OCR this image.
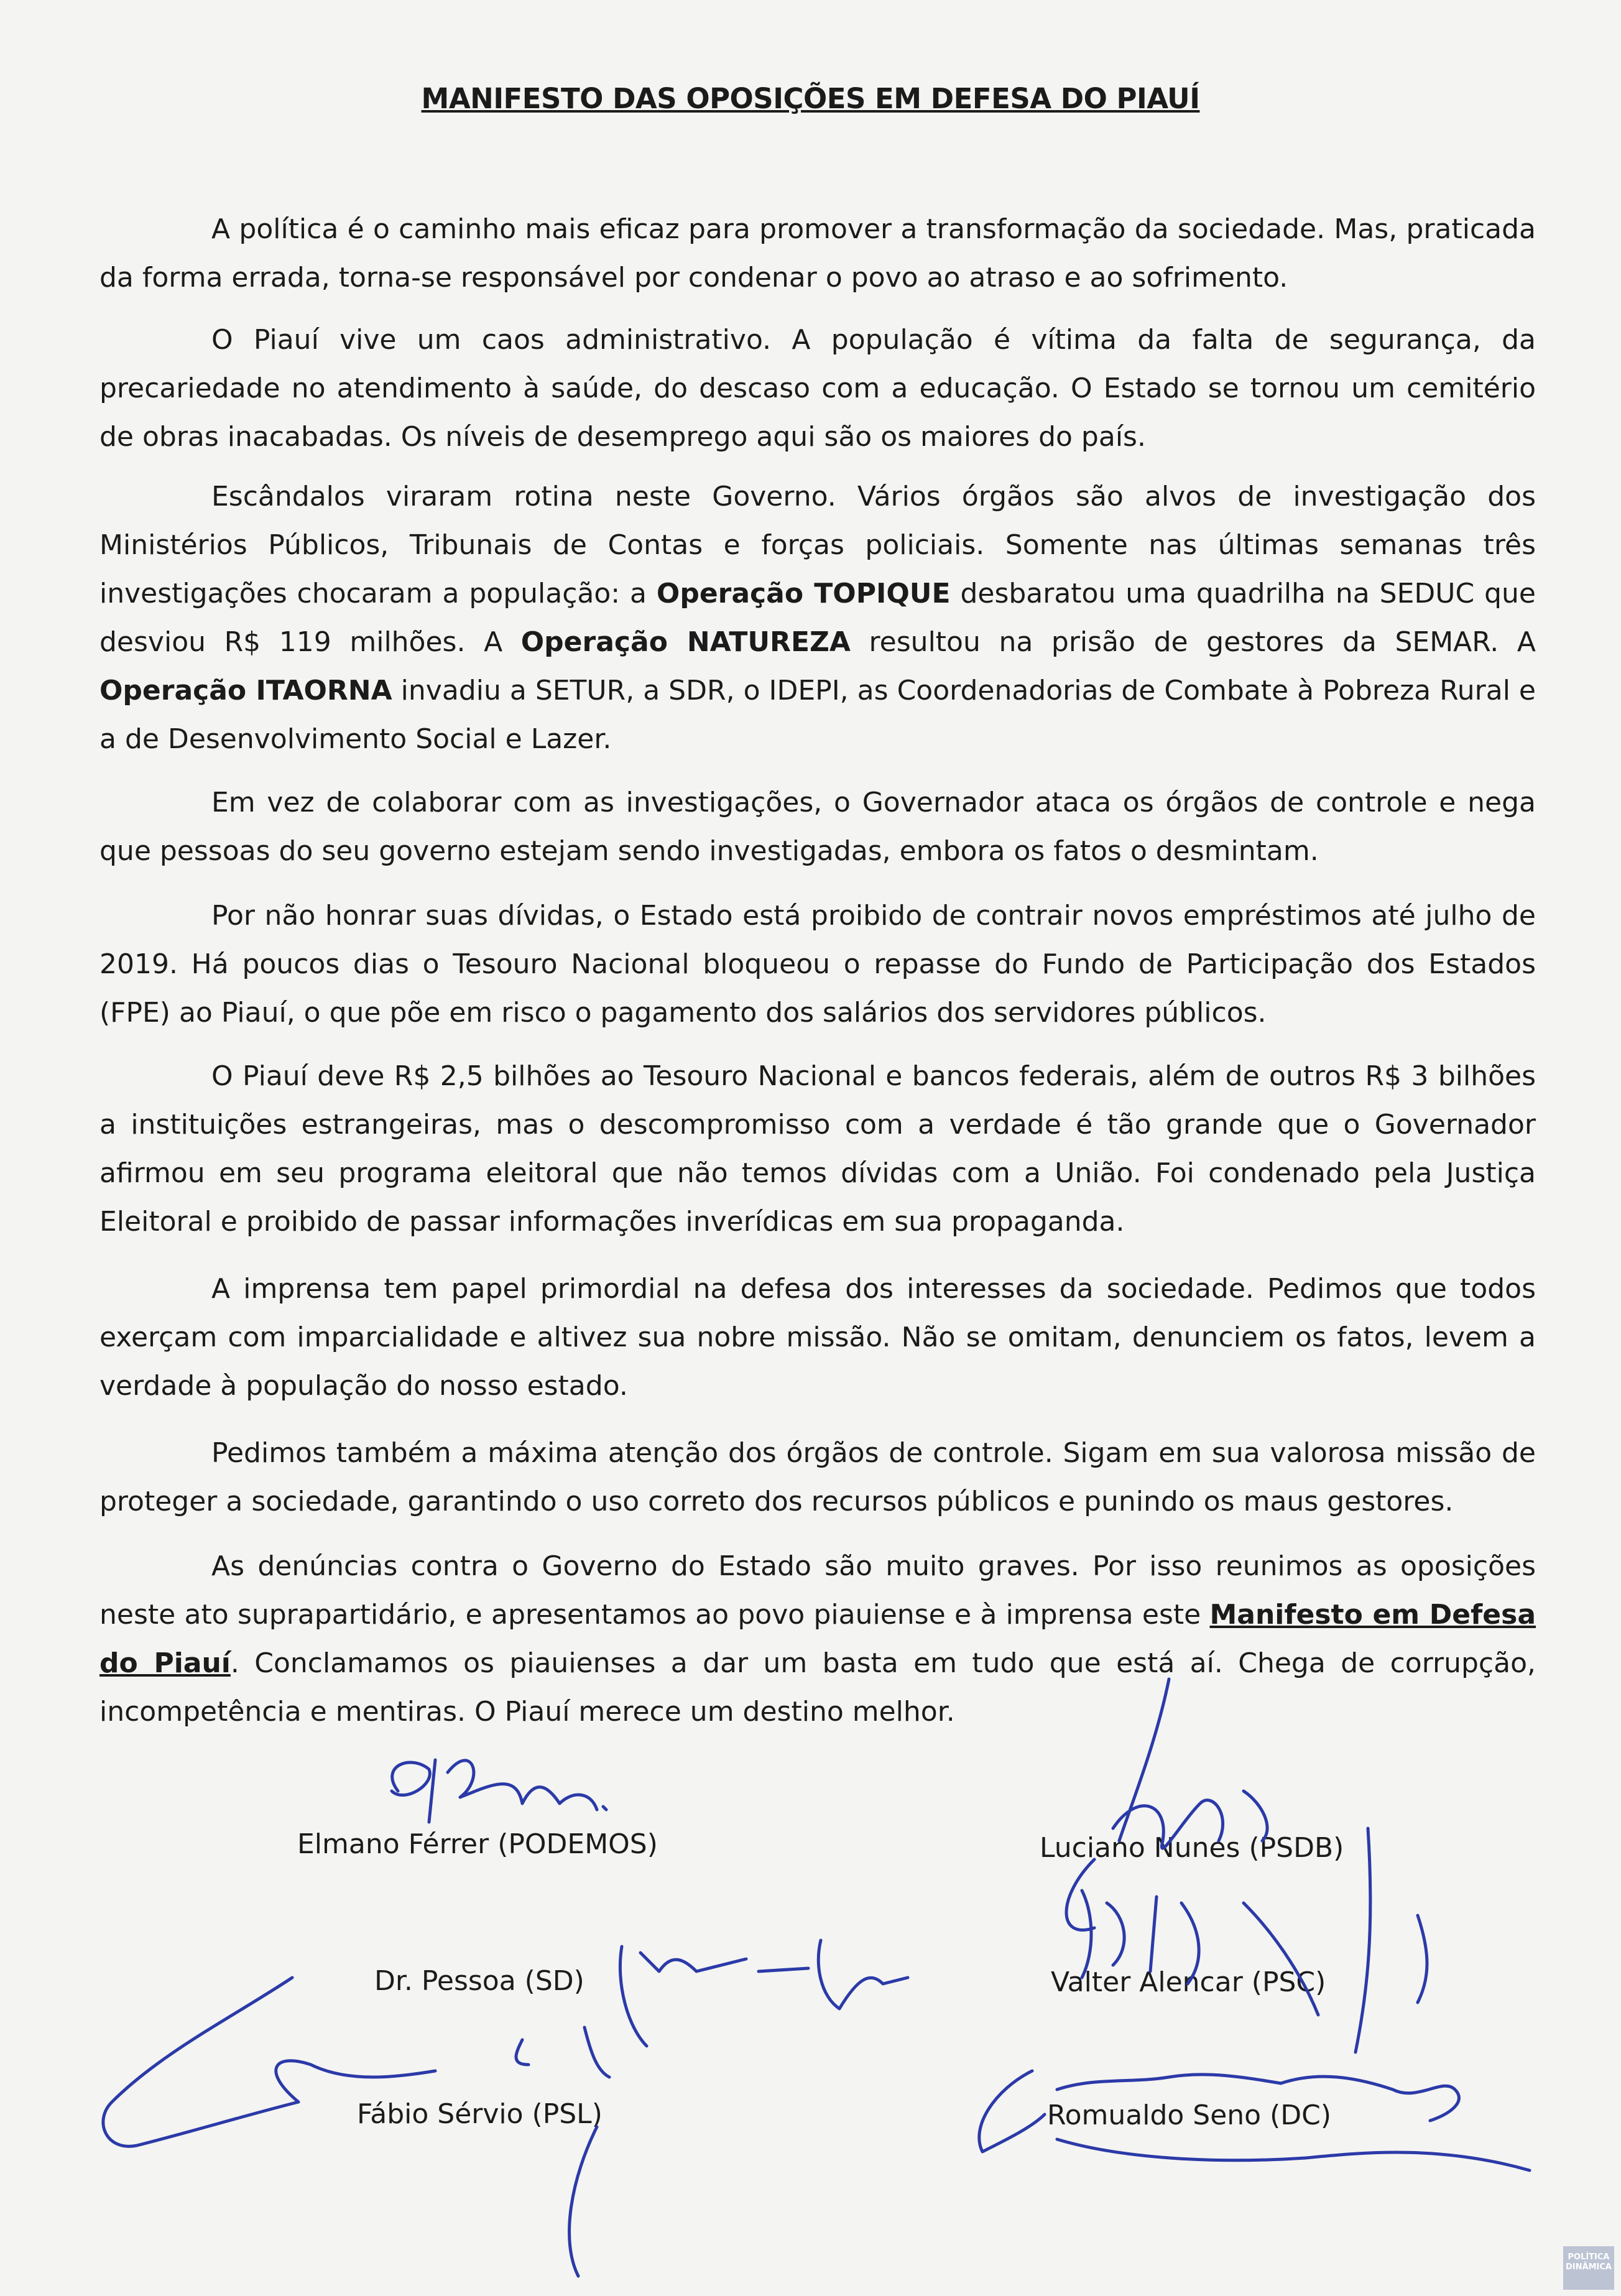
MANIFESTO DAS OPOSIÇÕES EM DEFESA DO PIAUÍ

A política é o caminho mais eficaz para promover a transformação da sociedade. Mas, praticada da forma errada, torna-se responsável por condenar o povo ao atraso e ao sofrimento.

O Piauí vive um caos administrativo. A população é vítima da falta de segurança, da precariedade no atendimento à saúde, do descaso com a educação. O Estado se tornou um cemitério de obras inacabadas. Os níveis de desemprego aqui são os maiores do país.

Escândalos viraram rotina neste Governo. Vários órgãos são alvos de investigação dos Ministérios Públicos, Tribunais de Contas e forças policiais. Somente nas últimas semanas três investigações chocaram a população: a Operação TOPIQUE desbaratou uma quadrilha na SEDUC que desviou R$ 119 milhões. A Operação NATUREZA resultou na prisão de gestores da SEMAR. A Operação ITAORNA invadiu a SETUR, a SDR, o IDEPI, as Coordenadorias de Combate à Pobreza Rural e a de Desenvolvimento Social e Lazer.

Em vez de colaborar com as investigações, o Governador ataca os órgãos de controle e nega que pessoas do seu governo estejam sendo investigadas, embora os fatos o desmintam.

Por não honrar suas dívidas, o Estado está proibido de contrair novos empréstimos até julho de 2019. Há poucos dias o Tesouro Nacional bloqueou o repasse do Fundo de Participação dos Estados (FPE) ao Piauí, o que põe em risco o pagamento dos salários dos servidores públicos.

O Piauí deve R$ 2,5 bilhões ao Tesouro Nacional e bancos federais, além de outros R$ 3 bilhões a instituições estrangeiras, mas o descompromisso com a verdade é tão grande que o Governador afirmou em seu programa eleitoral que não temos dívidas com a União. Foi condenado pela Justiça Eleitoral e proibido de passar informações inverídicas em sua propaganda.

A imprensa tem papel primordial na defesa dos interesses da sociedade. Pedimos que todos exerçam com imparcialidade e altivez sua nobre missão. Não se omitam, denunciem os fatos, levem a verdade à população do nosso estado.

Pedimos também a máxima atenção dos órgãos de controle. Sigam em sua valorosa missão de proteger a sociedade, garantindo o uso correto dos recursos públicos e punindo os maus gestores.

As denúncias contra o Governo do Estado são muito graves. Por isso reunimos as oposições neste ato suprapartidário, e apresentamos ao povo piauiense e à imprensa este Manifesto em Defesa do Piauí. Conclamamos os piauienses a dar um basta em tudo que está aí. Chega de corrupção, incompetência e mentiras. O Piauí merece um destino melhor.

Elmano Férrer (PODEMOS)	Luciano Nunes (PSDB)

Dr. Pessoa (SD)	Valter Alencar (PSC)

Fábio Sérvio (PSL)	Romualdo Seno (DC)

POLÍTICA
DINÂMICA
